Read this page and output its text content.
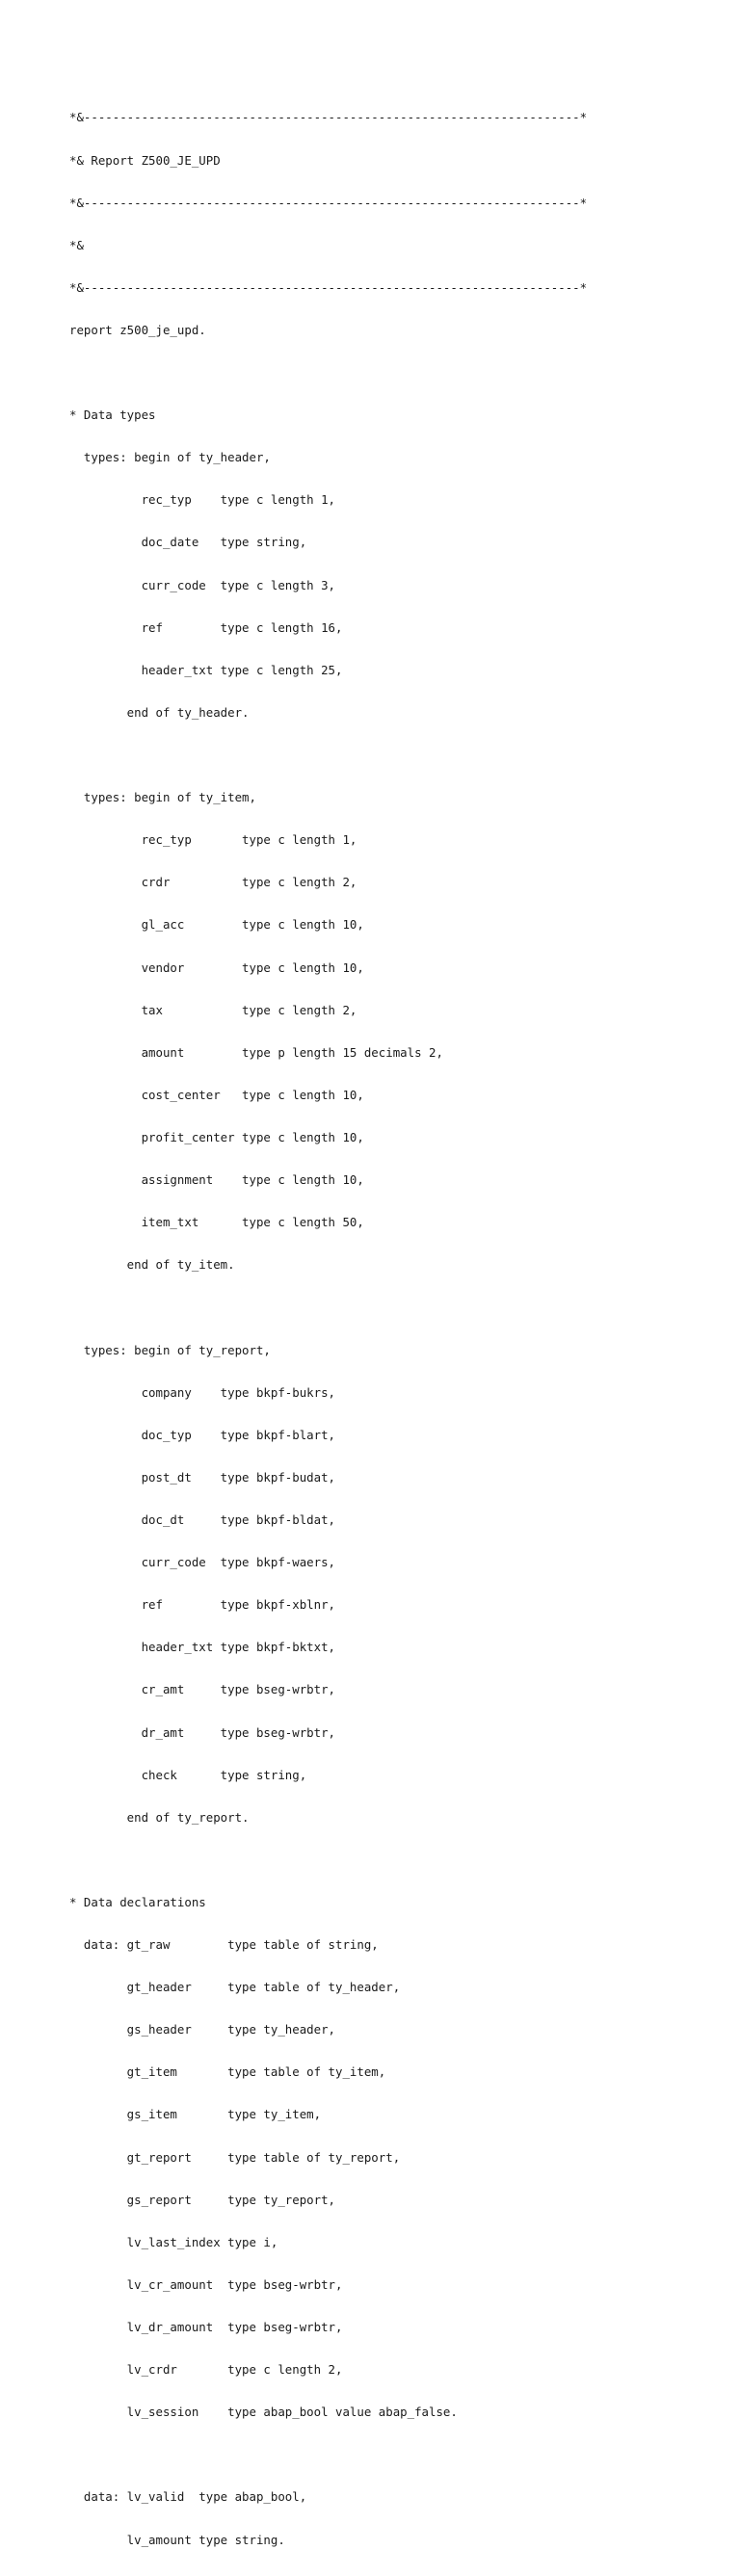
*&---------------------------------------------------------------------*

*& Report Z500_JE_UPD

*&---------------------------------------------------------------------*

*&

*&---------------------------------------------------------------------*

report z500_je_upd.

* Data types

types: begin of ty_header,

rec_typ    type c length 1,

doc_date   type string,

curr_code  type c length 3,

ref        type c length 16,

header_txt type c length 25,

end of ty_header.

types: begin of ty_item,

rec_typ       type c length 1,

crdr          type c length 2,

gl_acc        type c length 10,

vendor        type c length 10,

tax           type c length 2,

amount        type p length 15 decimals 2,

cost_center   type c length 10,

profit_center type c length 10,

assignment    type c length 10,

item_txt      type c length 50,

end of ty_item.

types: begin of ty_report,

company    type bkpf-bukrs,

doc_typ    type bkpf-blart,

post_dt    type bkpf-budat,

doc_dt     type bkpf-bldat,

curr_code  type bkpf-waers,

ref        type bkpf-xblnr,

header_txt type bkpf-bktxt,

cr_amt     type bseg-wrbtr,

dr_amt     type bseg-wrbtr,

check      type string,

end of ty_report.

* Data declarations

data: gt_raw        type table of string,

gt_header     type table of ty_header,

gs_header     type ty_header,

gt_item       type table of ty_item,

gs_item       type ty_item,

gt_report     type table of ty_report,

gs_report     type ty_report,

lv_last_index type i,

lv_cr_amount  type bseg-wrbtr,

lv_dr_amount  type bseg-wrbtr,

lv_crdr       type c length 2,

lv_session    type abap_bool value abap_false.

data: lv_valid  type abap_bool,

lv_amount type string.
